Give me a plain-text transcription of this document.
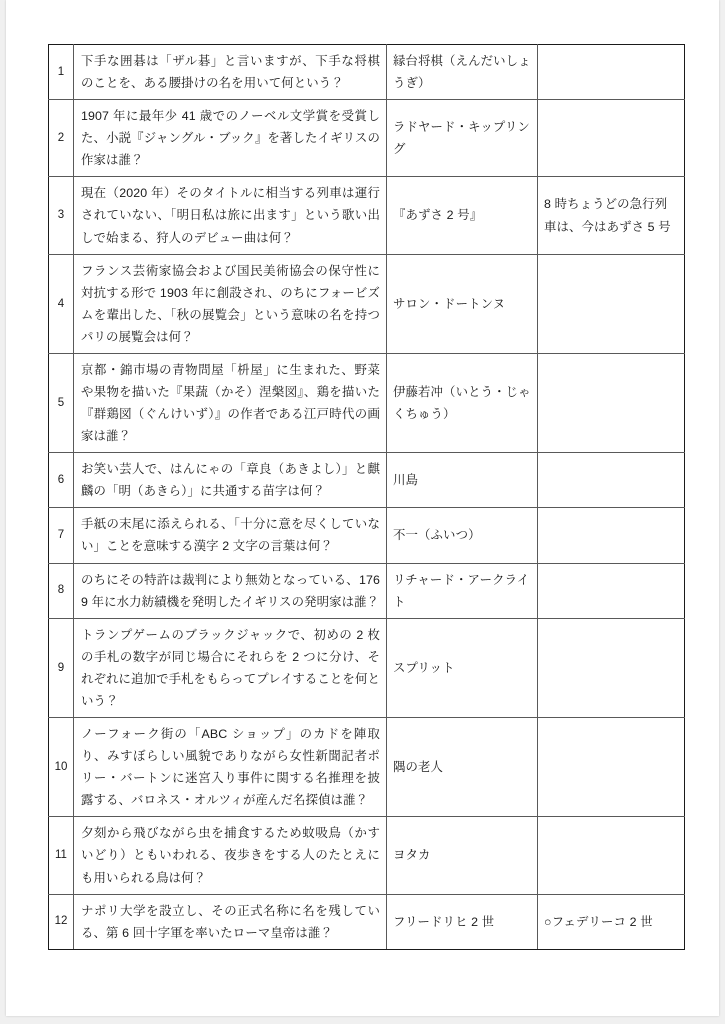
1	下手な囲碁は「ザル碁」と言いますが、下手な将棋のことを、ある腰掛けの名を用いて何という？	縁台将棋（えんだいしょうぎ）	

2	1907 年に最年少 41 歳でのノーベル文学賞を受賞した、小説『ジャングル・ブック』を著したイギリスの作家は誰？	ラドヤード・キップリング	

3	現在（2020 年）そのタイトルに相当する列車は運行されていない、「明日私は旅に出ます」という歌い出しで始まる、狩人のデビュー曲は何？	『あずさ 2 号』	8 時ちょうどの急行列車は、今はあずさ 5 号

4	フランス芸術家協会および国民美術協会の保守性に対抗する形で 1903 年に創設され、のちにフォービズムを輩出した、「秋の展覧会」という意味の名を持つパリの展覧会は何？	サロン・ドートンヌ	

5	京都・錦市場の青物問屋「枡屋」に生まれた、野菜や果物を描いた『果蔬（かそ）涅槃図』、鶏を描いた『群鶏図（ぐんけいず）』の作者である江戸時代の画家は誰？	伊藤若冲（いとう・じゃくちゅう）	

6	お笑い芸人で、はんにゃの「章良（あきよし）」と麒麟の「明（あきら）」に共通する苗字は何？	川島	

7	手紙の末尾に添えられる、「十分に意を尽くしていない」ことを意味する漢字 2 文字の言葉は何？	不一（ふいつ）	

8	のちにその特許は裁判により無効となっている、1769 年に水力紡績機を発明したイギリスの発明家は誰？	リチャード・アークライト	

9	トランプゲームのブラックジャックで、初めの 2 枚の手札の数字が同じ場合にそれらを 2 つに分け、それぞれに追加で手札をもらってプレイすることを何という？	スプリット	

10	ノーフォーク街の「ABC ショップ」のカドを陣取り、みすぼらしい風貌でありながら女性新聞記者ポリー・バートンに迷宮入り事件に関する名推理を披露する、バロネス・オルツィが産んだ名探偵は誰？	隅の老人	

11	夕刻から飛びながら虫を捕食するため蚊吸鳥（かすいどり）ともいわれる、夜歩きをする人のたとえにも用いられる鳥は何？	ヨタカ	

12	ナポリ大学を設立し、その正式名称に名を残している、第 6 回十字軍を率いたローマ皇帝は誰？	フリードリヒ 2 世	○フェデリーコ 2 世
